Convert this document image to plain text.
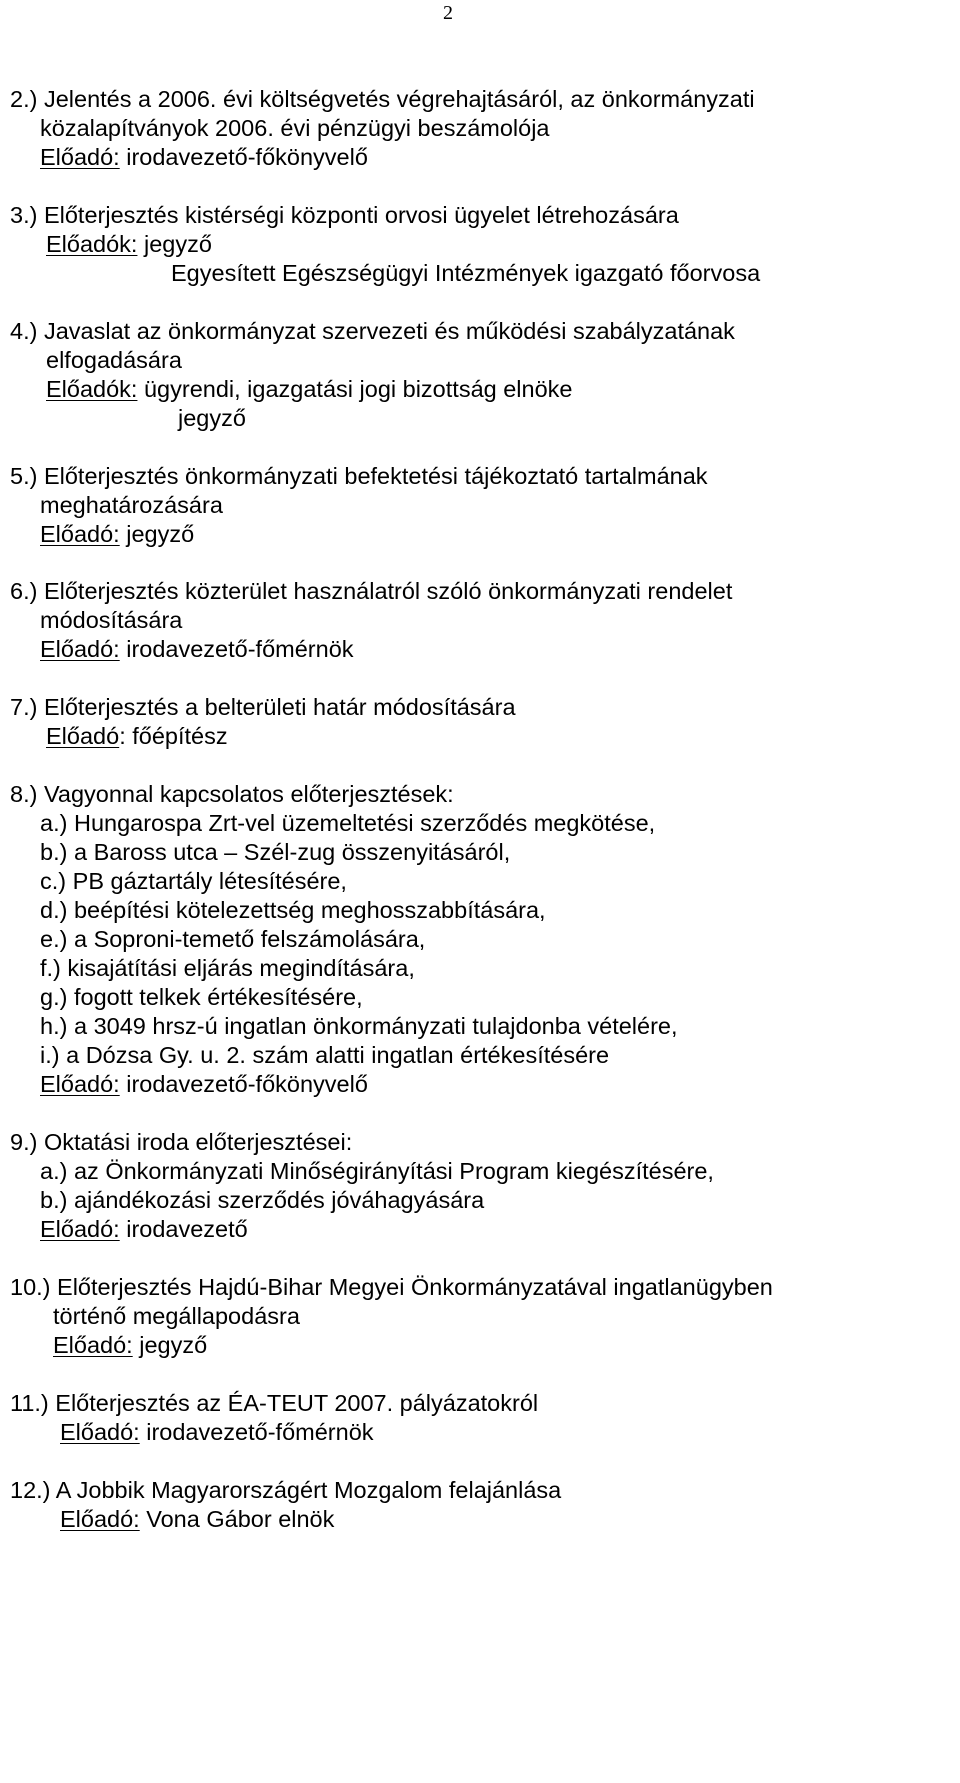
2
2.) Jelentés a 2006. évi költségvetés végrehajtásáról, az önkormányzati
közalapítványok 2006. évi pénzügyi beszámolója
Előadó: irodavezető-főkönyvelő
3.) Előterjesztés kistérségi központi orvosi ügyelet létrehozására
Előadók: jegyző
Egyesített Egészségügyi Intézmények igazgató főorvosa
4.) Javaslat az önkormányzat szervezeti és működési szabályzatának
elfogadására
Előadók: ügyrendi, igazgatási jogi bizottság elnöke
jegyző
5.) Előterjesztés önkormányzati befektetési tájékoztató tartalmának
meghatározására
Előadó: jegyző
6.) Előterjesztés közterület használatról szóló önkormányzati rendelet
módosítására
Előadó: irodavezető-főmérnök
7.) Előterjesztés a belterületi határ módosítására
Előadó: főépítész
8.) Vagyonnal kapcsolatos előterjesztések:
a.) Hungarospa Zrt-vel üzemeltetési szerződés megkötése,
b.) a Baross utca – Szél-zug összenyitásáról,
c.) PB gáztartály létesítésére,
d.) beépítési kötelezettség meghosszabbítására,
e.) a Soproni-temető felszámolására,
f.) kisajátítási eljárás megindítására,
g.) fogott telkek értékesítésére,
h.) a 3049 hrsz-ú ingatlan önkormányzati tulajdonba vételére,
i.) a Dózsa Gy. u. 2. szám alatti ingatlan értékesítésére
Előadó: irodavezető-főkönyvelő
9.) Oktatási iroda előterjesztései:
a.) az Önkormányzati Minőségirányítási Program kiegészítésére,
b.) ajándékozási szerződés jóváhagyására
Előadó: irodavezető
10.) Előterjesztés Hajdú-Bihar Megyei Önkormányzatával ingatlanügyben
történő megállapodásra
Előadó: jegyző
11.) Előterjesztés az ÉA-TEUT 2007. pályázatokról
Előadó: irodavezető-főmérnök
12.) A Jobbik Magyarországért Mozgalom felajánlása
Előadó: Vona Gábor elnök
